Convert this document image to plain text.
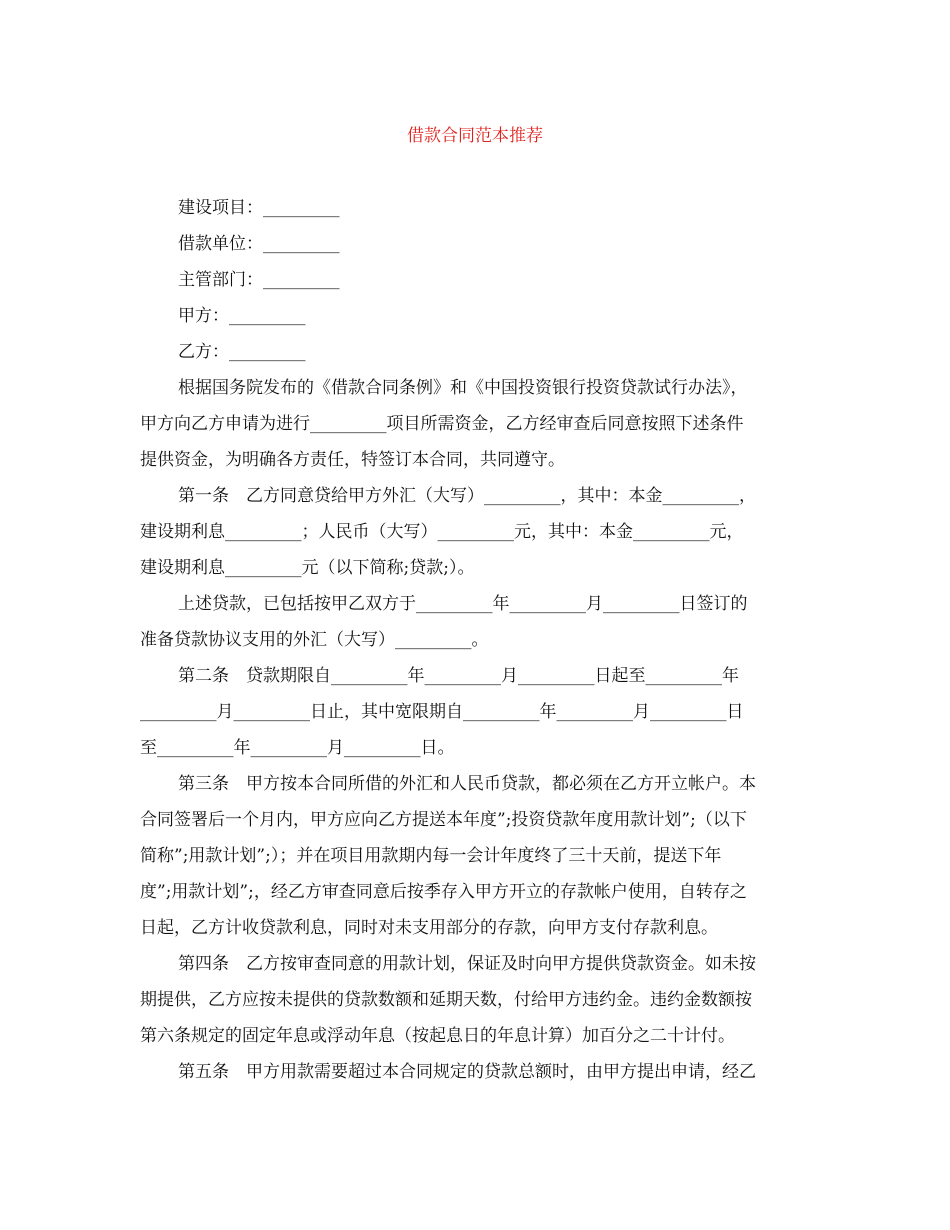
借款合同范本推荐
建设项目：_________
借款单位：_________
主管部门：_________
甲方：_________
乙方：_________
根据国务院发布的《借款合同条例》和《中国投资银行投资贷款试行办法》，
甲方向乙方申请为进行_________项目所需资金，乙方经审查后同意按照下述条件
提供资金，为明确各方责任，特签订本合同，共同遵守。
第一条　乙方同意贷给甲方外汇（大写）_________，其中：本金_________，
建设期利息_________；人民币（大写）_________元，其中：本金_________元，
建设期利息_________元（以下简称;贷款;）。
上述贷款，已包括按甲乙双方于_________年_________月_________日签订的
准备贷款协议支用的外汇（大写）_________。
第二条　贷款期限自_________年_________月_________日起至_________年
_________月_________日止，其中宽限期自_________年_________月_________日
至_________年_________月_________日。
第三条　甲方按本合同所借的外汇和人民币贷款，都必须在乙方开立帐户。本
合同签署后一个月内，甲方应向乙方提送本年度”;投资贷款年度用款计划”;（以下
简称”;用款计划”;）；并在项目用款期内每一会计年度终了三十天前，提送下年
度”;用款计划”;，经乙方审查同意后按季存入甲方开立的存款帐户使用，自转存之
日起，乙方计收贷款利息，同时对未支用部分的存款，向甲方支付存款利息。
第四条　乙方按审查同意的用款计划，保证及时向甲方提供贷款资金。如未按
期提供，乙方应按未提供的贷款数额和延期天数，付给甲方违约金。违约金数额按
第六条规定的固定年息或浮动年息（按起息日的年息计算）加百分之二十计付。
第五条　甲方用款需要超过本合同规定的贷款总额时，由甲方提出申请，经乙
